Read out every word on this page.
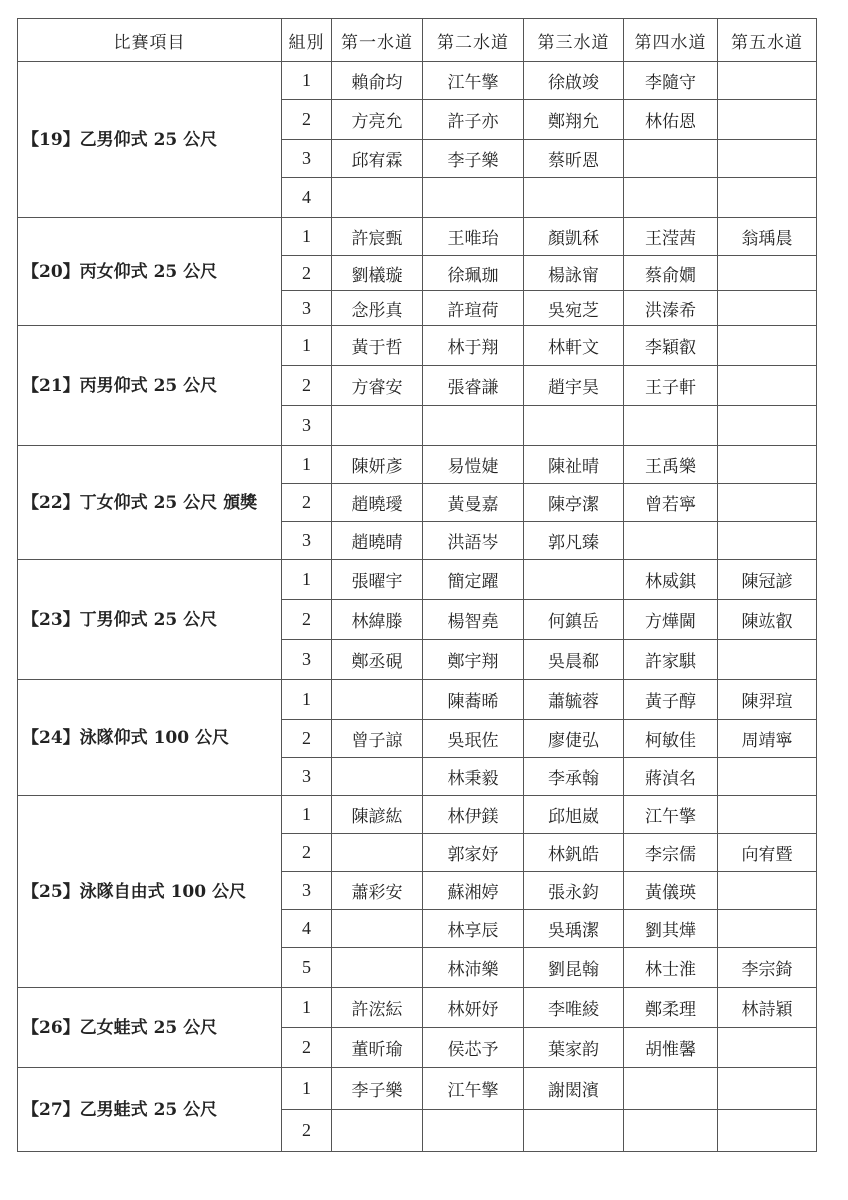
比賽項目	組別	第一水道	第二水道	第三水道	第四水道	第五水道
【19】乙男仰式 25 公尺	1	賴俞均	江午擎	徐啟竣	李隨守	
	2	方亮允	許子亦	鄭翔允	林佑恩	
	3	邱宥霖	李子樂	蔡昕恩		
	4					
【20】丙女仰式 25 公尺	1	許宸甄	王唯珆	顏凱秝	王滢茜	翁瑀晨
	2	劉檥璇	徐珮珈	楊詠甯	蔡俞嫺	
	3	念彤真	許瑄荷	吳宛芝	洪溱希	
【21】丙男仰式 25 公尺	1	黃于哲	林于翔	林軒文	李穎叡	
	2	方睿安	張睿謙	趙宇昊	王子軒	
	3					
【22】丁女仰式 25 公尺 頒獎	1	陳妍彥	易愷婕	陳祉晴	王禹樂	
	2	趙曉璦	黃曼嘉	陳亭潔	曾若寧	
	3	趙曉晴	洪語岑	郭凡臻		
【23】丁男仰式 25 公尺	1	張曜宇	簡定躍		林威錤	陳冠諺
	2	林緯滕	楊智堯	何鎮岳	方燁閫	陳竑叡
	3	鄭丞硯	鄭宇翔	吳晨郗	許家騏	
【24】泳隊仰式 100 公尺	1		陳蕎晞	蕭毓蓉	黃子醇	陳羿瑄
	2	曾子諒	吳珉佐	廖倢弘	柯敏佳	周靖寧
	3		林秉毅	李承翰	蔣湞名	
【25】泳隊自由式 100 公尺	1	陳諺紘	林伊鎂	邱旭崴	江午擎	
	2		郭家妤	林釩皓	李宗儒	向宥暨
	3	蕭彩安	蘇湘婷	張永鈞	黃儀瑛	
	4		林享辰	吳瑀潔	劉其燁	
	5		林沛樂	劉昆翰	林士淮	李宗錡
【26】乙女蛙式 25 公尺	1	許浤紜	林妍妤	李唯綾	鄭柔理	林詩穎
	2	董昕瑜	侯芯予	葉家韵	胡惟馨	
【27】乙男蛙式 25 公尺	1	李子樂	江午擎	謝閎濱		
	2					
